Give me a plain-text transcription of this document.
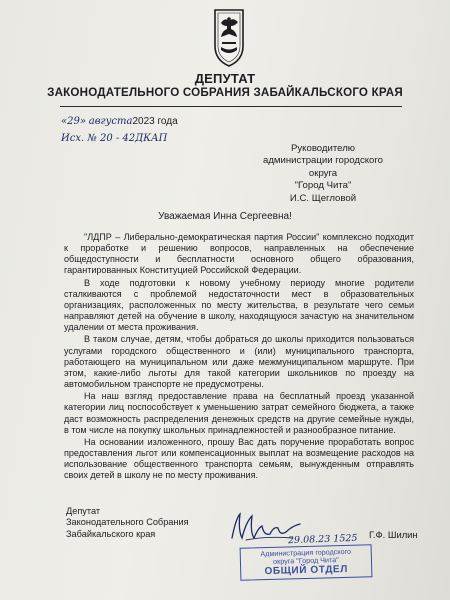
ДЕПУТАТ
ЗАКОНОДАТЕЛЬНОГО СОБРАНИЯ ЗАБАЙКАЛЬСКОГО КРАЯ
«29» августа2023 года
Исх. № 20 - 42ДКАП
Руководителю
администрации городского округа
"Город Чита"
И.С. Щегловой
Уважаемая Инна Сергеевна!

"ЛДПР – Либерально-демократическая партия России" комплексно подходит к проработке и решению вопросов, направленных на обеспечение общедоступности и бесплатности основного общего образования, гарантированных Конституцией Российской Федерации.

В ходе подготовки к новому учебному периоду многие родители сталкиваются с проблемой недостаточности мест в образовательных организациях, расположенных по месту жительства, в результате чего семьи направляют детей на обучение в школу, находящуюся зачастую на значительном удалении от места проживания.

В таком случае, детям, чтобы добраться до школы приходится пользоваться услугами городского общественного и (или) муниципального транспорта, работающего на муниципальном или даже межмуниципальном маршруте. При этом, какие-либо льготы для такой категории школьников по проезду на автомобильном транспорте не предусмотрены.

На наш взгляд предоставление права на бесплатный проезд указанной категории лиц поспособствует к уменьшению затрат семейного бюджета, а также даст возможность распределения денежных средств на другие семейные нужды, в том числе на покупку школьных принадлежностей и разнообразное питание.

На основании изложенного, прошу Вас дать поручение проработать вопрос предоставления льгот или компенсационных выплат на возмещение расходов на использование общественного транспорта семьям, вынужденным отправлять своих детей в школу не по месту проживания.

Депутат
Законодательного Собрания
Забайкальского края	Г.Ф. Шилин
29.08.23 1525
Администрация городского
округа "Город Чита"
ОБЩИЙ ОТДЕЛ
